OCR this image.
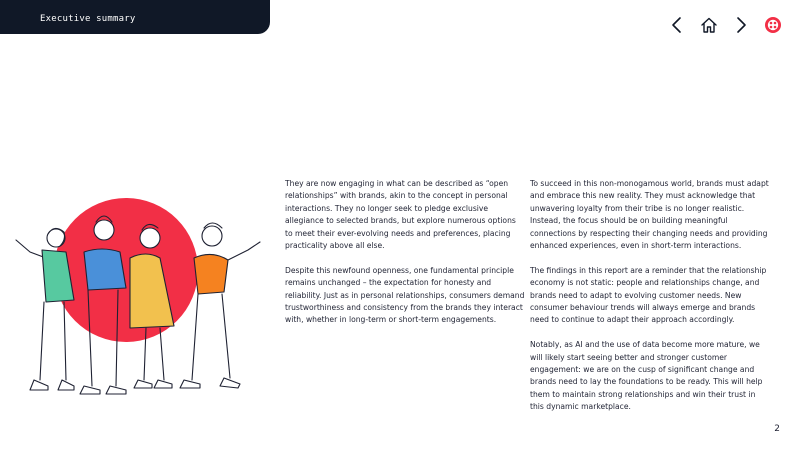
Executive summary

They are now engaging in what can be described as “open relationships” with brands, akin to the concept in personal interactions. They no longer seek to pledge exclusive allegiance to selected brands, but explore numerous options to meet their ever-evolving needs and preferences, placing practicality above all else.

Despite this newfound openness, one fundamental principle remains unchanged – the expectation for honesty and reliability. Just as in personal relationships, consumers demand trustworthiness and consistency from the brands they interact with, whether in long-term or short-term engagements.

To succeed in this non-monogamous world, brands must adapt and embrace this new reality. They must acknowledge that unwavering loyalty from their tribe is no longer realistic. Instead, the focus should be on building meaningful connections by respecting their changing needs and providing enhanced experiences, even in short-term interactions.

The findings in this report are a reminder that the relationship economy is not static: people and relationships change, and brands need to adapt to evolving customer needs. New consumer behaviour trends will always emerge and brands need to continue to adapt their approach accordingly.

Notably, as AI and the use of data become more mature, we will likely start seeing better and stronger customer engagement: we are on the cusp of significant change and brands need to lay the foundations to be ready. This will help them to maintain strong relationships and win their trust in this dynamic marketplace.

2
